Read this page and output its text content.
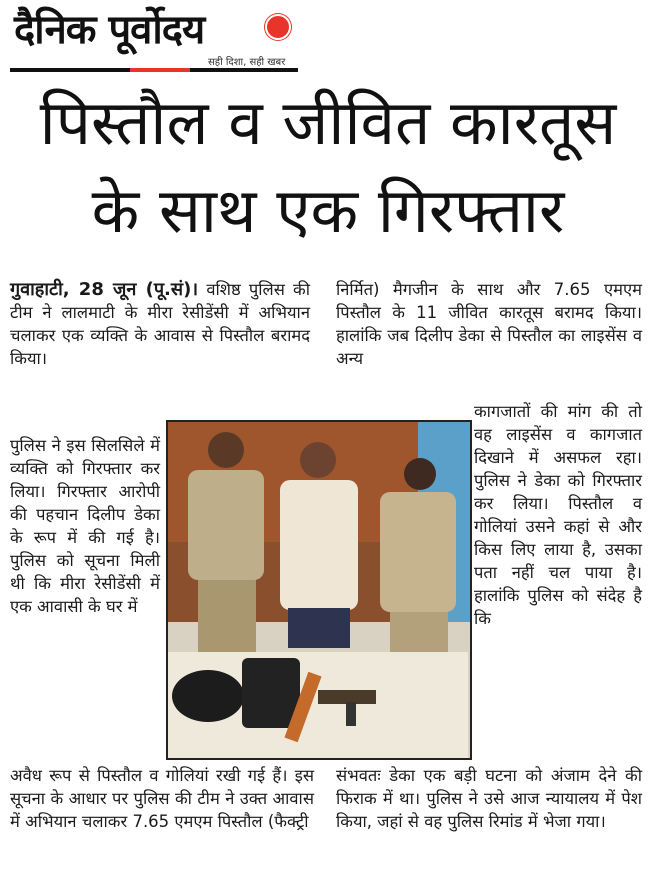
दैनिक पूर्वोदय
सही दिशा, सही खबर
पिस्तौल व जीवित कारतूस
के साथ एक गिरफ्तार

गुवाहाटी, 28 जून (पू.सं)। वशिष्ठ पुलिस की टीम ने लालमाटी के मीरा रेसीडेंसी में अभियान चलाकर एक व्यक्ति के आवास से पिस्तौल बरामद किया।

पुलिस ने इस सिलसिले में व्यक्ति को गिरफ्तार कर लिया। गिरफ्तार आरोपी की पहचान दिलीप डेका के रूप में की गई है। पुलिस को सूचना मिली थी कि मीरा रेसीडेंसी में एक आवासी के घर में

अवैध रूप से पिस्तौल व गोलियां रखी गई हैं। इस सूचना के आधार पर पुलिस की टीम ने उक्त आवास में अभियान चलाकर 7.65 एमएम पिस्तौल (फैक्ट्री

निर्मित) मैगजीन के साथ और 7.65 एमएम पिस्तौल के 11 जीवित कारतूस बरामद किया। हालांकि जब दिलीप डेका से पिस्तौल का लाइसेंस व अन्य

कागजातों की मांग की तो वह लाइसेंस व कागजात दिखाने में असफल रहा। पुलिस ने डेका को गिरफ्तार कर लिया। पिस्तौल व गोलियां उसने कहां से और किस लिए लाया है, उसका पता नहीं चल पाया है। हालांकि पुलिस को संदेह है कि

संभवतः डेका एक बड़ी घटना को अंजाम देने की फिराक में था। पुलिस ने उसे आज न्यायालय में पेश किया, जहां से वह पुलिस रिमांड में भेजा गया।
